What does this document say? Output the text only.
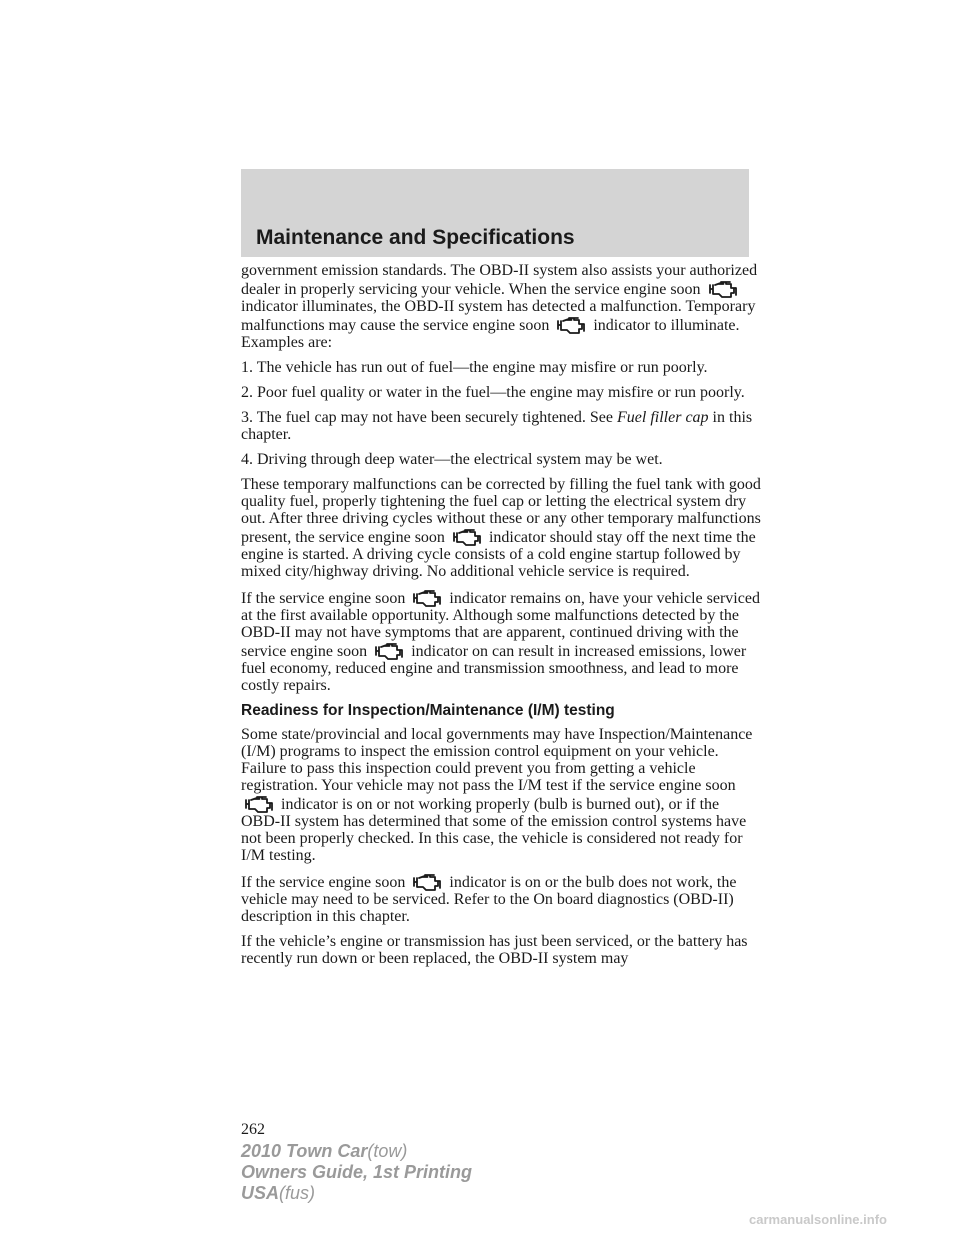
Maintenance and Specifications

government emission standards. The OBD-II system also assists your authorized dealer in properly servicing your vehicle. When the service engine soon
indicator illuminates, the OBD-II system has detected a malfunction. Temporary malfunctions may cause the service engine soon	indicator to illuminate. Examples are:

1. The vehicle has run out of fuel—the engine may misfire or run poorly.

2. Poor fuel quality or water in the fuel—the engine may misfire or run poorly.

3. The fuel cap may not have been securely tightened. See Fuel filler cap in this chapter.

4. Driving through deep water—the electrical system may be wet.

These temporary malfunctions can be corrected by filling the fuel tank with good quality fuel, properly tightening the fuel cap or letting the electrical system dry out. After three driving cycles without these or any other temporary malfunctions present, the service engine soon	indicator should stay off the next time the engine is started. A driving cycle consists of a cold engine startup followed by mixed city/highway driving. No additional vehicle service is required.

If the service engine soon	indicator remains on, have your vehicle serviced at the first available opportunity. Although some malfunctions detected by the OBD-II may not have symptoms that are apparent, continued driving with the service engine soon	indicator on can result in increased emissions, lower fuel economy, reduced engine and transmission smoothness, and lead to more costly repairs.

Readiness for Inspection/Maintenance (I/M) testing

Some state/provincial and local governments may have Inspection/Maintenance (I/M) programs to inspect the emission control equipment on your vehicle. Failure to pass this inspection could prevent you from getting a vehicle registration. Your vehicle may not pass the I/M test if the service engine soon
indicator is on or not working properly (bulb is burned out), or if the OBD-II system has determined that some of the emission control systems have not been properly checked. In this case, the vehicle is considered not ready for I/M testing.

If the service engine soon	indicator is on or the bulb does not work, the vehicle may need to be serviced. Refer to the On board diagnostics (OBD-II) description in this chapter.

If the vehicle’s engine or transmission has just been serviced, or the battery has recently run down or been replaced, the OBD-II system may

262
2010 Town Car(tow)
Owners Guide, 1st Printing
USA(fus)
carmanualsonline.info
